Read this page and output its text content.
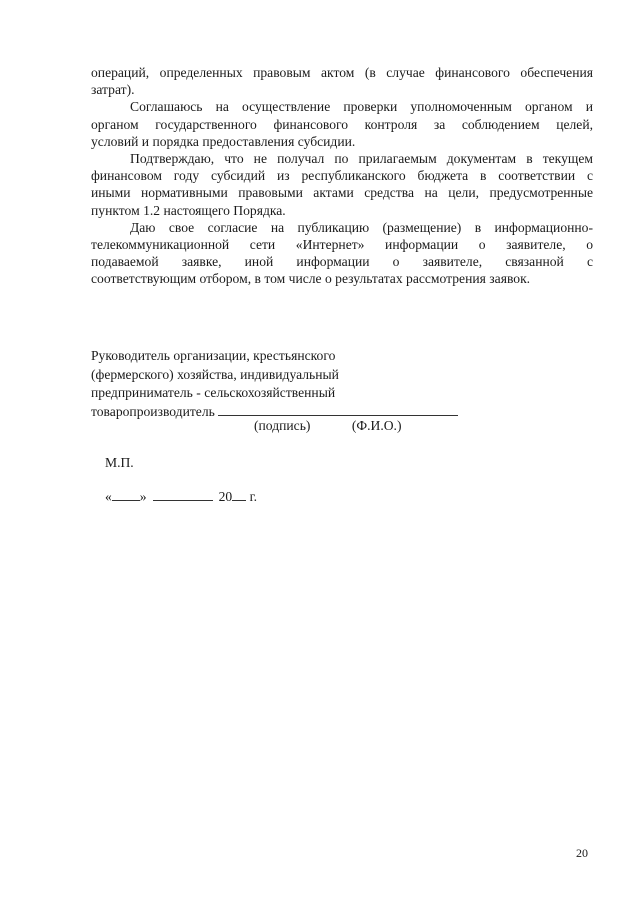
операций, определенных правовым актом (в случае финансового обеспечения
затрат).

Соглашаюсь на осуществление проверки уполномоченным органом и
органом государственного финансового контроля за соблюдением целей,
условий и порядка предоставления субсидии.

Подтверждаю, что не получал по прилагаемым документам в текущем
финансовом году субсидий из республиканского бюджета в соответствии с
иными нормативными правовыми актами средства на цели, предусмотренные
пунктом 1.2 настоящего Порядка.

Даю свое согласие на публикацию (размещение) в информационно-
телекоммуникационной сети «Интернет» информации о заявителе, о
подаваемой заявке, иной информации о заявителе, связанной с
соответствующим отбором, в том числе о результатах рассмотрения заявок.

Руководитель организации, крестьянского
(фермерского) хозяйства, индивидуальный
предприниматель - сельскохозяйственный
товаропроизводитель
(подпись)	(Ф.И.О.)
М.П.
« »	20 г.
20
